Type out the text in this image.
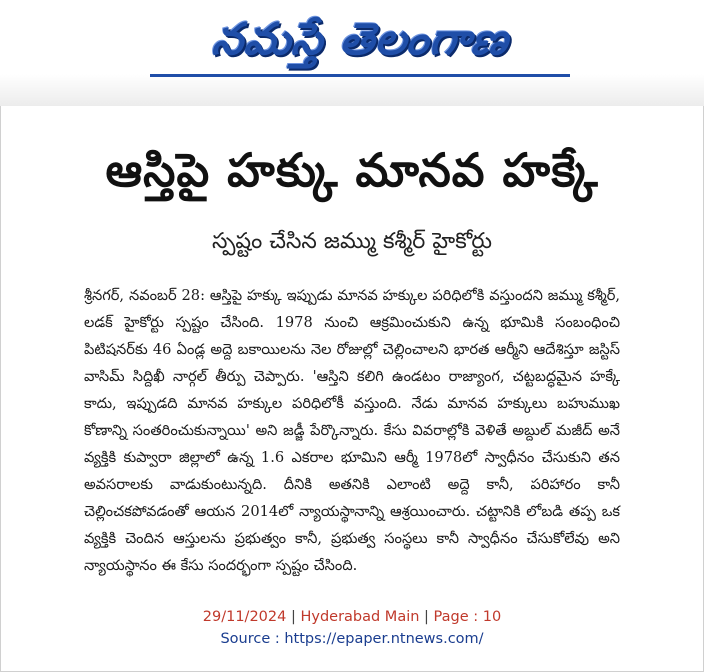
నమస్తే తెలంగాణ
ఆస్తిపై హక్కు మానవ హక్కే
స్పష్టం చేసిన జమ్ము కశ్మీర్ హైకోర్టు

శ్రీనగర్, నవంబర్ 28: ఆస్తిపై హక్కు ఇప్పుడు మానవ హక్కుల పరిధిలోకి వస్తుందని జమ్ము కశ్మీర్, లడక్ హైకోర్టు స్పష్టం చేసింది. 1978 నుంచి ఆక్రమించుకుని ఉన్న భూమికి సంబంధించి పిటిషనర్‌కు 46 ఏండ్ల అద్దె బకాయిలను నెల రోజుల్లో చెల్లించాలని భారత ఆర్మీని ఆదేశిస్తూ జస్టిస్ వాసిమ్ సిద్దిఖీ నార్గల్ తీర్పు చెప్పారు. 'ఆస్తిని కలిగి ఉండటం రాజ్యాంగ, చట్టబద్ధమైన హక్కే కాదు, ఇప్పుడది మానవ హక్కుల పరిధిలోకీ వస్తుంది. నేడు మానవ హక్కులు బహుముఖ కోణాన్ని సంతరించుకున్నాయి' అని జడ్జీ పేర్కొన్నారు. కేసు వివరాల్లోకి వెళితే అబ్దుల్ మజీద్ అనే వ్యక్తికి కుప్వారా జిల్లాలో ఉన్న 1.6 ఎకరాల భూమిని ఆర్మీ 1978లో స్వాధీనం చేసుకుని తన అవసరాలకు వాడుకుంటున్నది. దీనికి అతనికి ఎలాంటి అద్దె కానీ, పరిహారం కానీ చెల్లించకపోవడంతో ఆయన 2014లో న్యాయస్థానాన్ని ఆశ్రయించారు. చట్టానికి లోబడి తప్ప ఒక వ్యక్తికి చెందిన ఆస్తులను ప్రభుత్వం కానీ, ప్రభుత్వ సంస్థలు కానీ స్వాధీనం చేసుకోలేవు అని న్యాయస్థానం ఈ కేసు సందర్భంగా స్పష్టం చేసింది.

29/11/2024 | Hyderabad Main | Page : 10
Source : https://epaper.ntnews.com/
